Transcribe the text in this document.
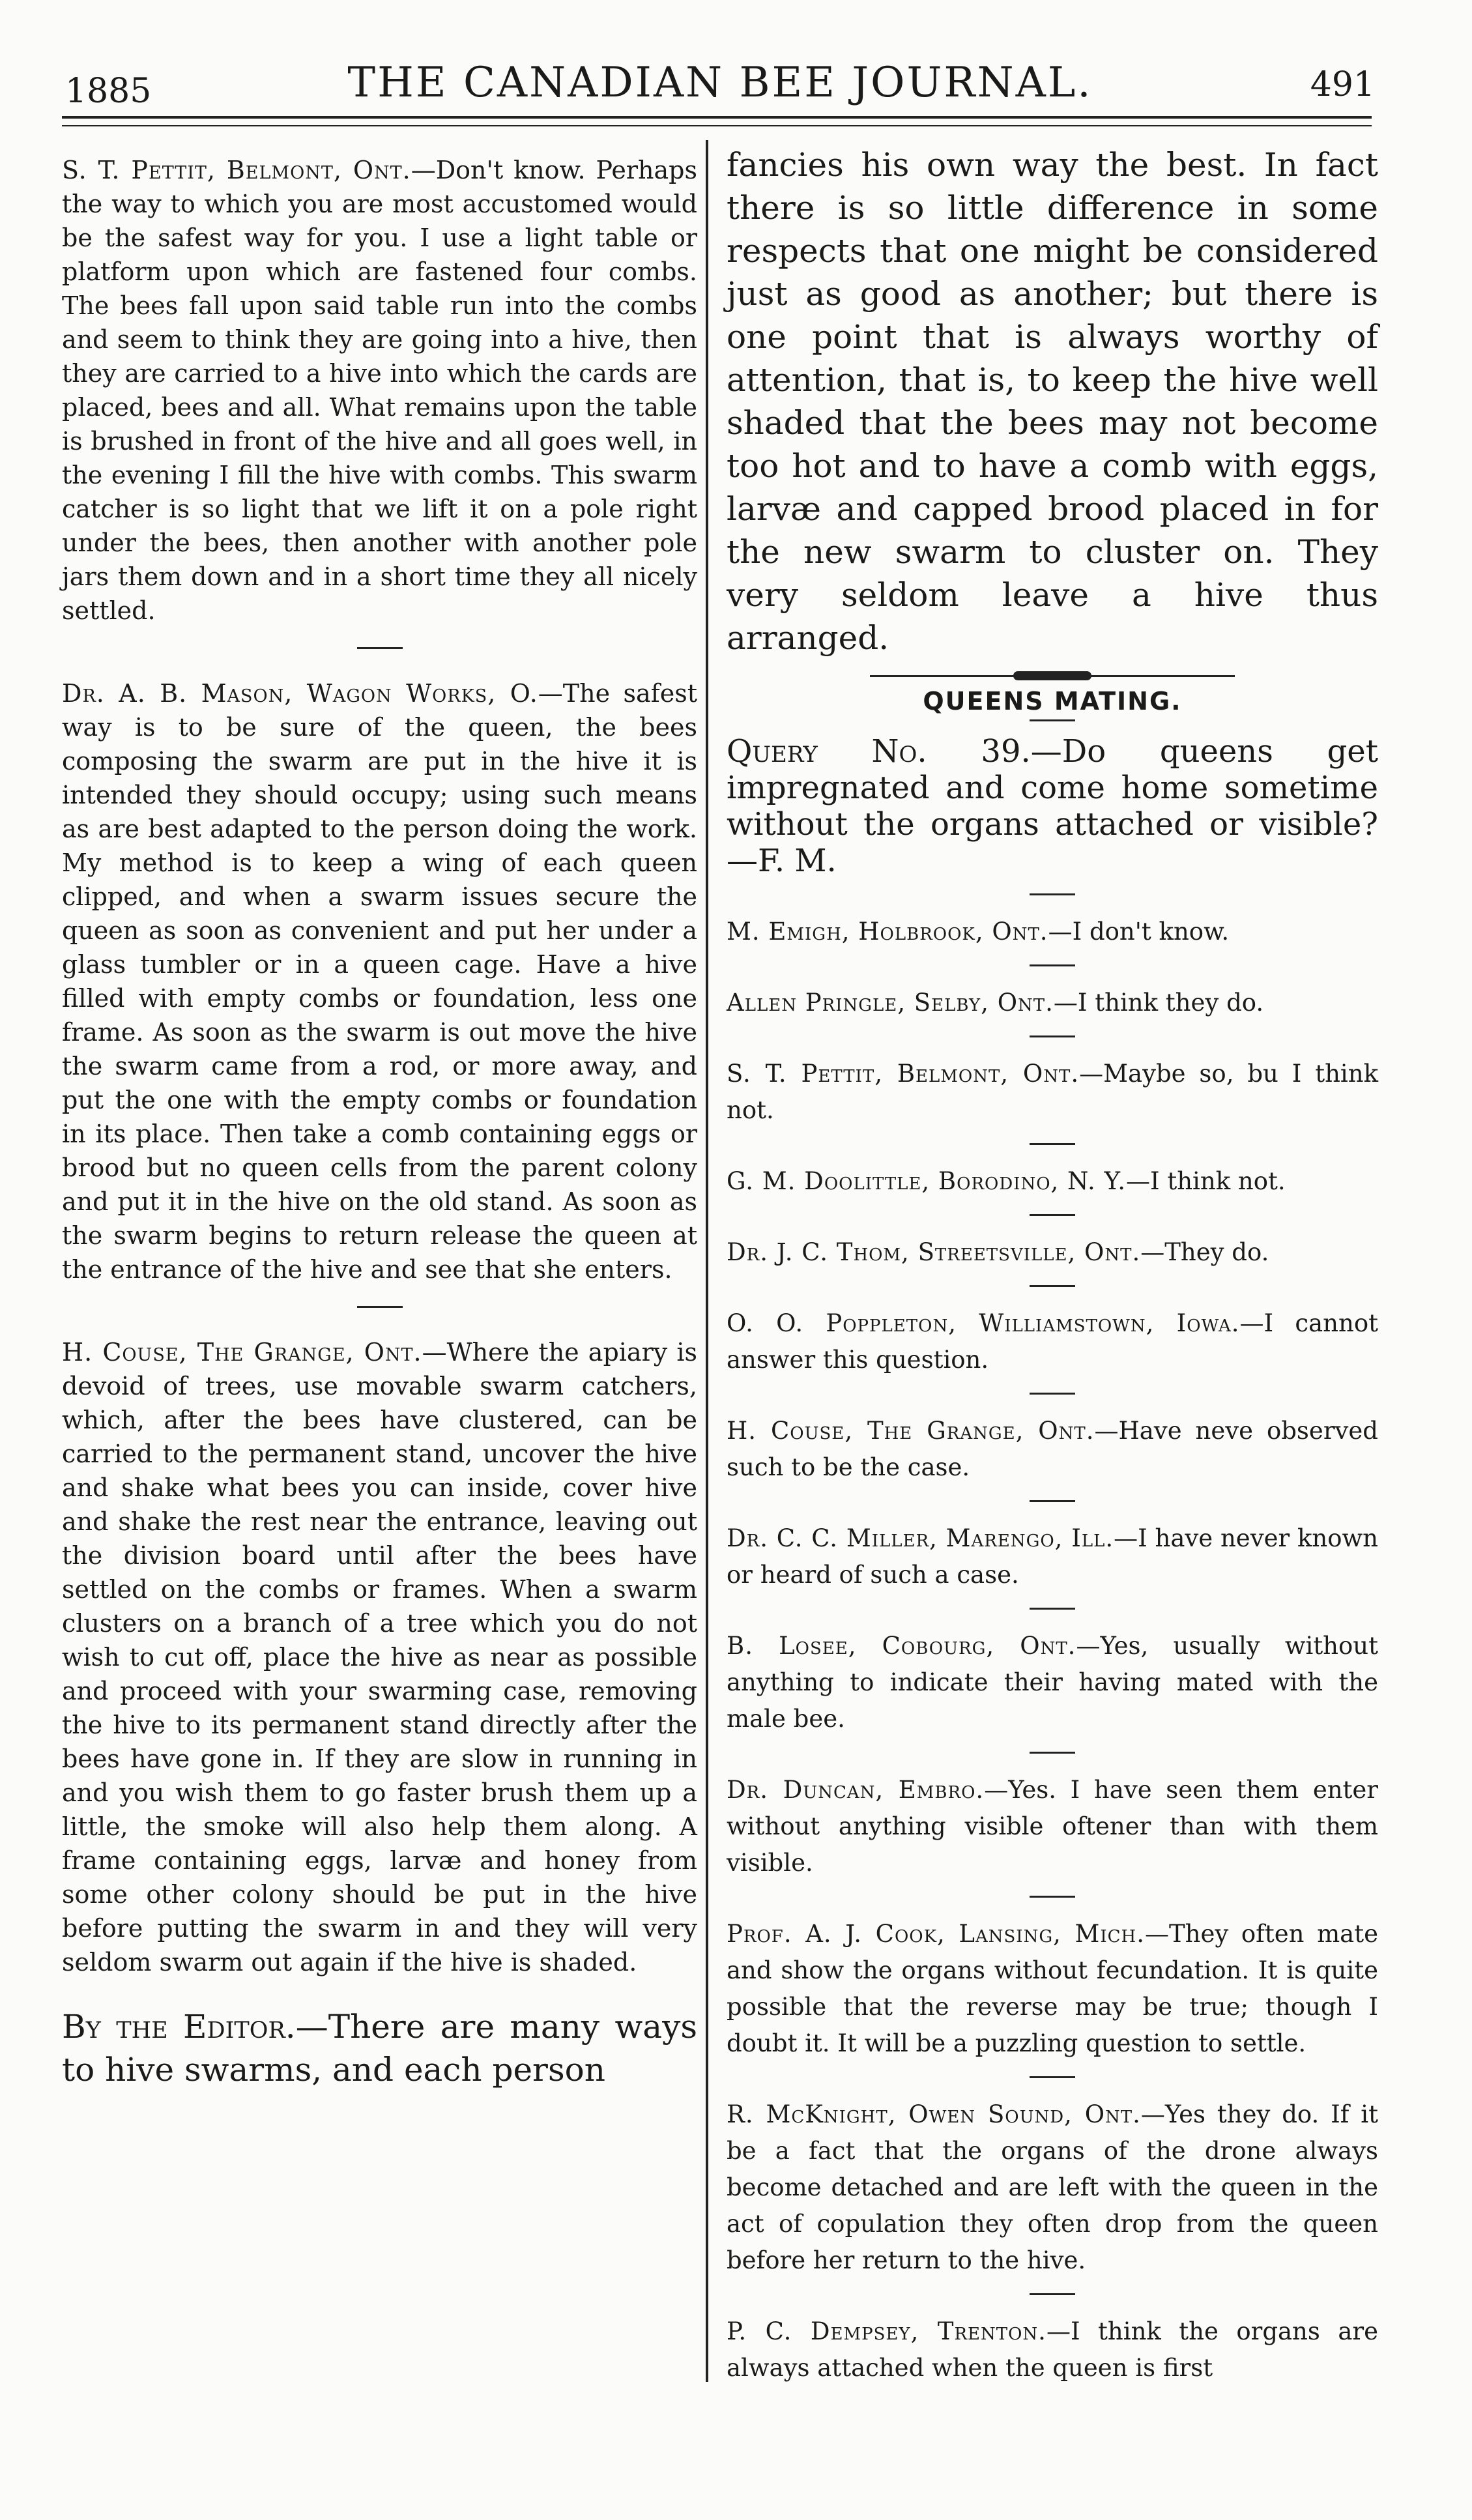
1885	THE CANADIAN BEE JOURNAL.	491

S. T. Pettit, Belmont, Ont.—Don't know. Perhaps the way to which you are most accustomed would be the safest way for you. I use a light table or platform upon which are fastened four combs. The bees fall upon said table run into the combs and seem to think they are going into a hive, then they are carried to a hive into which the cards are placed, bees and all. What remains upon the table is brushed in front of the hive and all goes well, in the evening I fill the hive with combs. This swarm catcher is so light that we lift it on a pole right under the bees, then another with another pole jars them down and in a short time they all nicely settled.

Dr. A. B. Mason, Wagon Works, O.—The safest way is to be sure of the queen, the bees composing the swarm are put in the hive it is intended they should occupy; using such means as are best adapted to the person doing the work. My method is to keep a wing of each queen clipped, and when a swarm issues secure the queen as soon as convenient and put her under a glass tumbler or in a queen cage. Have a hive filled with empty combs or foundation, less one frame. As soon as the swarm is out move the hive the swarm came from a rod, or more away, and put the one with the empty combs or foundation in its place. Then take a comb containing eggs or brood but no queen cells from the parent colony and put it in the hive on the old stand. As soon as the swarm begins to return release the queen at the entrance of the hive and see that she enters.

H. Couse, The Grange, Ont.—Where the apiary is devoid of trees, use movable swarm catchers, which, after the bees have clustered, can be carried to the permanent stand, uncover the hive and shake what bees you can inside, cover hive and shake the rest near the entrance, leaving out the division board until after the bees have settled on the combs or frames. When a swarm clusters on a branch of a tree which you do not wish to cut off, place the hive as near as possible and proceed with your swarming case, removing the hive to its permanent stand directly after the bees have gone in. If they are slow in running in and you wish them to go faster brush them up a little, the smoke will also help them along. A frame containing eggs, larvæ and honey from some other colony should be put in the hive before putting the swarm in and they will very seldom swarm out again if the hive is shaded.

By the Editor.—There are many ways to hive swarms, and each person

fancies his own way the best. In fact there is so little difference in some respects that one might be considered just as good as another; but there is one point that is always worthy of attention, that is, to keep the hive well shaded that the bees may not become too hot and to have a comb with eggs, larvæ and capped brood placed in for the new swarm to cluster on. They very seldom leave a hive thus arranged.

QUEENS MATING.

Query No. 39.—Do queens get impregnated and come home sometime without the organs attached or visible? —F. M.

M. Emigh, Holbrook, Ont.—I don't know.

Allen Pringle, Selby, Ont.—I think they do.

S. T. Pettit, Belmont, Ont.—Maybe so, bu I think not.

G. M. Doolittle, Borodino, N. Y.—I think not.

Dr. J. C. Thom, Streetsville, Ont.—They do.

O. O. Poppleton, Williamstown, Iowa.—I cannot answer this question.

H. Couse, The Grange, Ont.—Have neve observed such to be the case.

Dr. C. C. Miller, Marengo, Ill.—I have never known or heard of such a case.

B. Losee, Cobourg, Ont.—Yes, usually without anything to indicate their having mated with the male bee.

Dr. Duncan, Embro.—Yes. I have seen them enter without anything visible oftener than with them visible.

Prof. A. J. Cook, Lansing, Mich.—They often mate and show the organs without fecundation. It is quite possible that the reverse may be true; though I doubt it. It will be a puzzling question to settle.

R. McKnight, Owen Sound, Ont.—Yes they do. If it be a fact that the organs of the drone always become detached and are left with the queen in the act of copulation they often drop from the queen before her return to the hive.

P. C. Dempsey, Trenton.—I think the organs are always attached when the queen is first
